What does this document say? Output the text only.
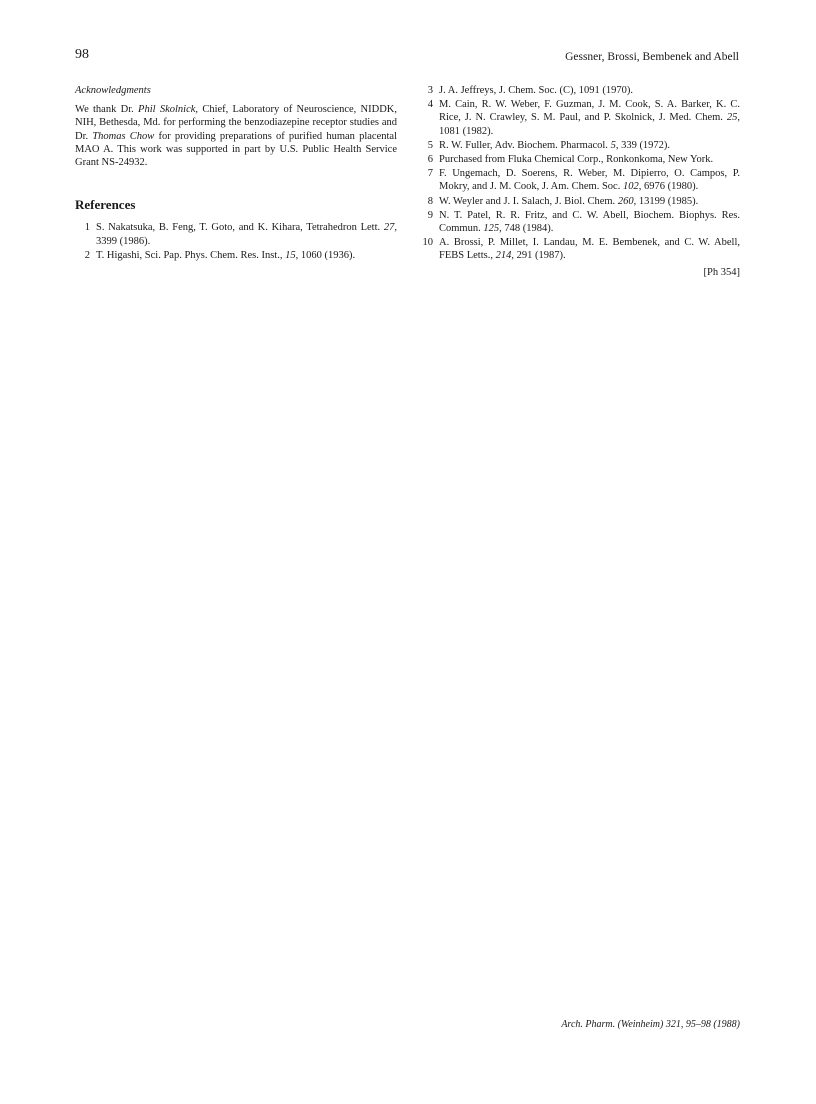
98	Gessner, Brossi, Bembenek and Abell
Acknowledgments

We thank Dr. Phil Skolnick, Chief, Laboratory of Neuroscience, NIDDK, NIH, Bethesda, Md. for performing the benzodiazepine receptor studies and Dr. Thomas Chow for providing preparations of purified human placental MAO A. This work was supported in part by U.S. Public Health Service Grant NS-24932.

References
1 S. Nakatsuka, B. Feng, T. Goto, and K. Kihara, Tetrahedron Lett. 27, 3399 (1986).
2 T. Higashi, Sci. Pap. Phys. Chem. Res. Inst., 15, 1060 (1936).
3 J. A. Jeffreys, J. Chem. Soc. (C), 1091 (1970).
4 M. Cain, R. W. Weber, F. Guzman, J. M. Cook, S. A. Barker, K. C. Rice, J. N. Crawley, S. M. Paul, and P. Skolnick, J. Med. Chem. 25, 1081 (1982).
5 R. W. Fuller, Adv. Biochem. Pharmacol. 5, 339 (1972).
6 Purchased from Fluka Chemical Corp., Ronkonkoma, New York.
7 F. Ungemach, D. Soerens, R. Weber, M. Dipierro, O. Campos, P. Mokry, and J. M. Cook, J. Am. Chem. Soc. 102, 6976 (1980).
8 W. Weyler and J. I. Salach, J. Biol. Chem. 260, 13199 (1985).
9 N. T. Patel, R. R. Fritz, and C. W. Abell, Biochem. Biophys. Res. Commun. 125, 748 (1984).
10 A. Brossi, P. Millet, I. Landau, M. E. Bembenek, and C. W. Abell, FEBS Letts., 214, 291 (1987).
[Ph 354]
Arch. Pharm. (Weinheim) 321, 95–98 (1988)
